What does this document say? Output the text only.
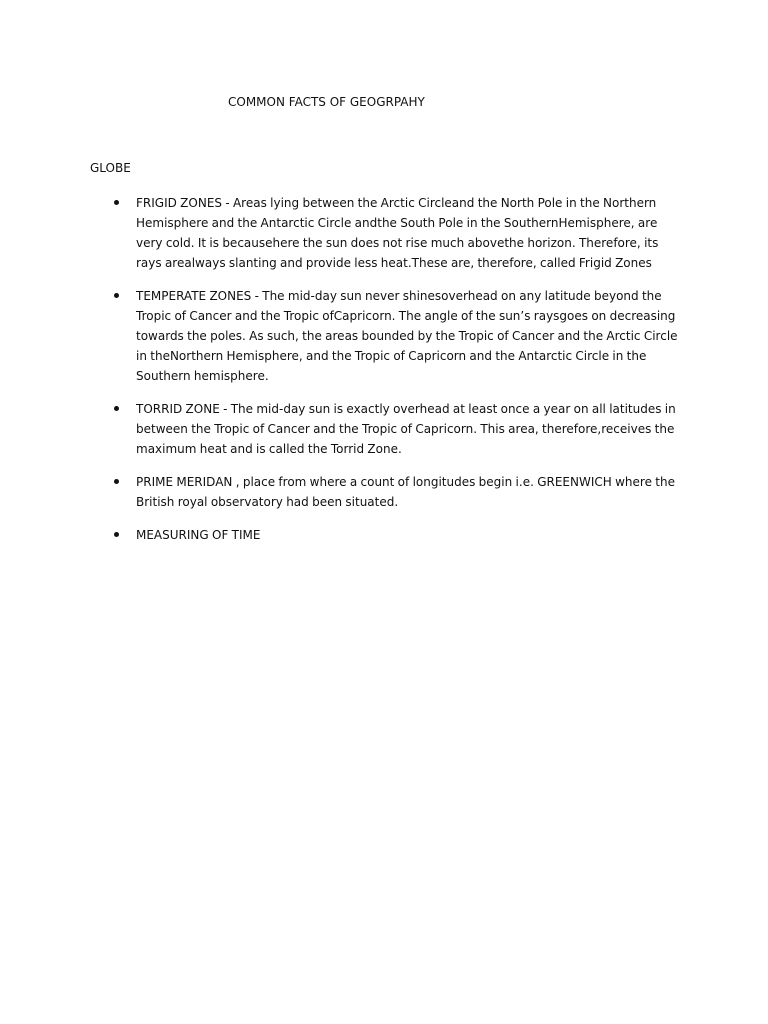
COMMON FACTS OF GEOGRPAHY
GLOBE
FRIGID ZONES - Areas lying between the Arctic Circleand the North Pole in the Northern Hemisphere and the Antarctic Circle andthe South Pole in the SouthernHemisphere, are very cold. It is becausehere the sun does not rise much abovethe horizon. Therefore, its rays arealways slanting and provide less heat.These are, therefore, called Frigid Zones
TEMPERATE ZONES - The mid-day sun never shinesoverhead on any latitude beyond the Tropic of Cancer and the Tropic ofCapricorn. The angle of the sun’s raysgoes on decreasing towards the poles. As such, the areas bounded by the Tropic of Cancer and the Arctic Circle in theNorthern Hemisphere, and the Tropic of Capricorn and the Antarctic Circle in the Southern hemisphere.
TORRID ZONE - The mid-day sun is exactly overhead at least once a year on all latitudes in between the Tropic of Cancer and the Tropic of Capricorn. This area, therefore,receives the maximum heat and is called the Torrid Zone.
PRIME MERIDAN , place from where a count of longitudes begin i.e. GREENWICH where the British royal observatory had been situated.
MEASURING OF TIME
